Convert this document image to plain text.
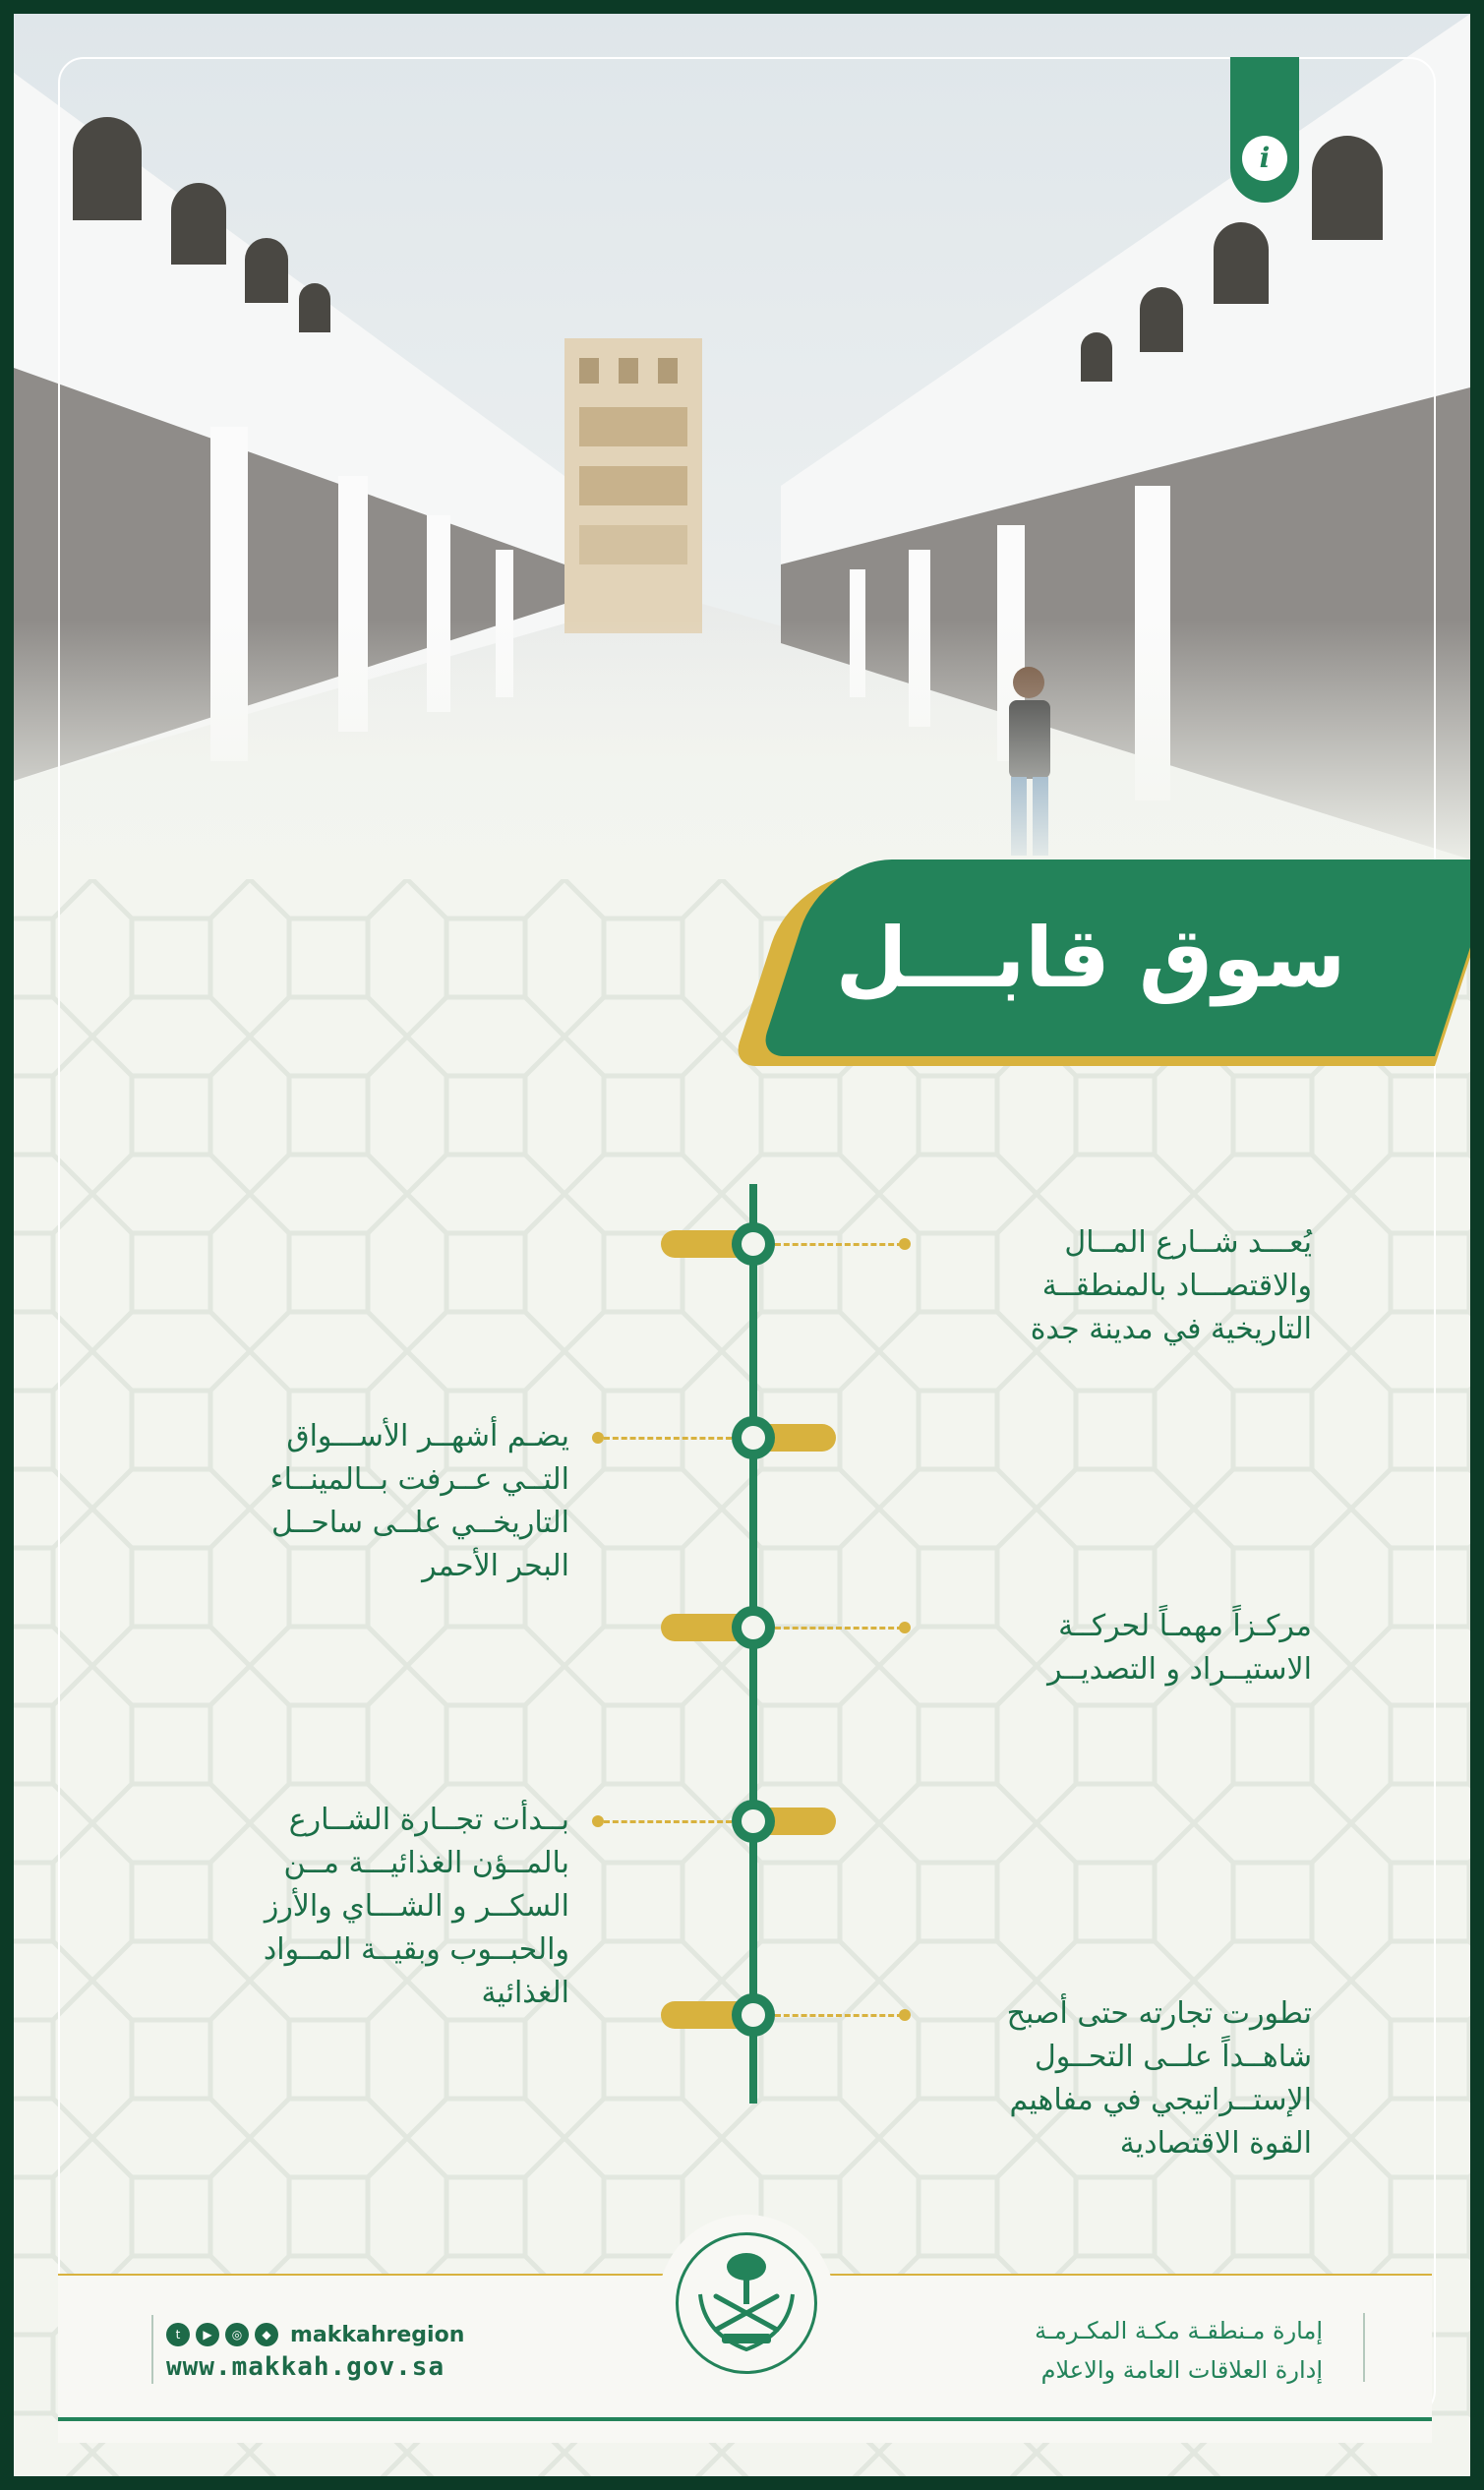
i
سوق قابـــل
يُعـــد شــارع المــال
والاقتصـــاد بالمنطقــة
التاريخية في مدينة جدة
يضـم أشهــر الأســـواق
التــي عــرفت بــالمينــاء
التاريخــي علــى ساحــل
البحر الأحمر
مركـزاً مهمـاً لحركــة
الاستيــراد و التصديــر
بــدأت تجــارة الشــارع
بالمــؤن الغذائيـــة مــن
السكــر و الشـــاي والأرز
والحبــوب وبقيــة المــواد
الغذائية
تطورت تجارته حتى أصبح
شاهــداً علــى التحــول
الإستــراتيجي في مفاهيم
القوة الاقتصادية
إمارة مـنطقـة مكـة المكـرمـة
إدارة العلاقات العامة والاعلام
t	▶	◎	◆ makkahregion
www.makkah.gov.sa
